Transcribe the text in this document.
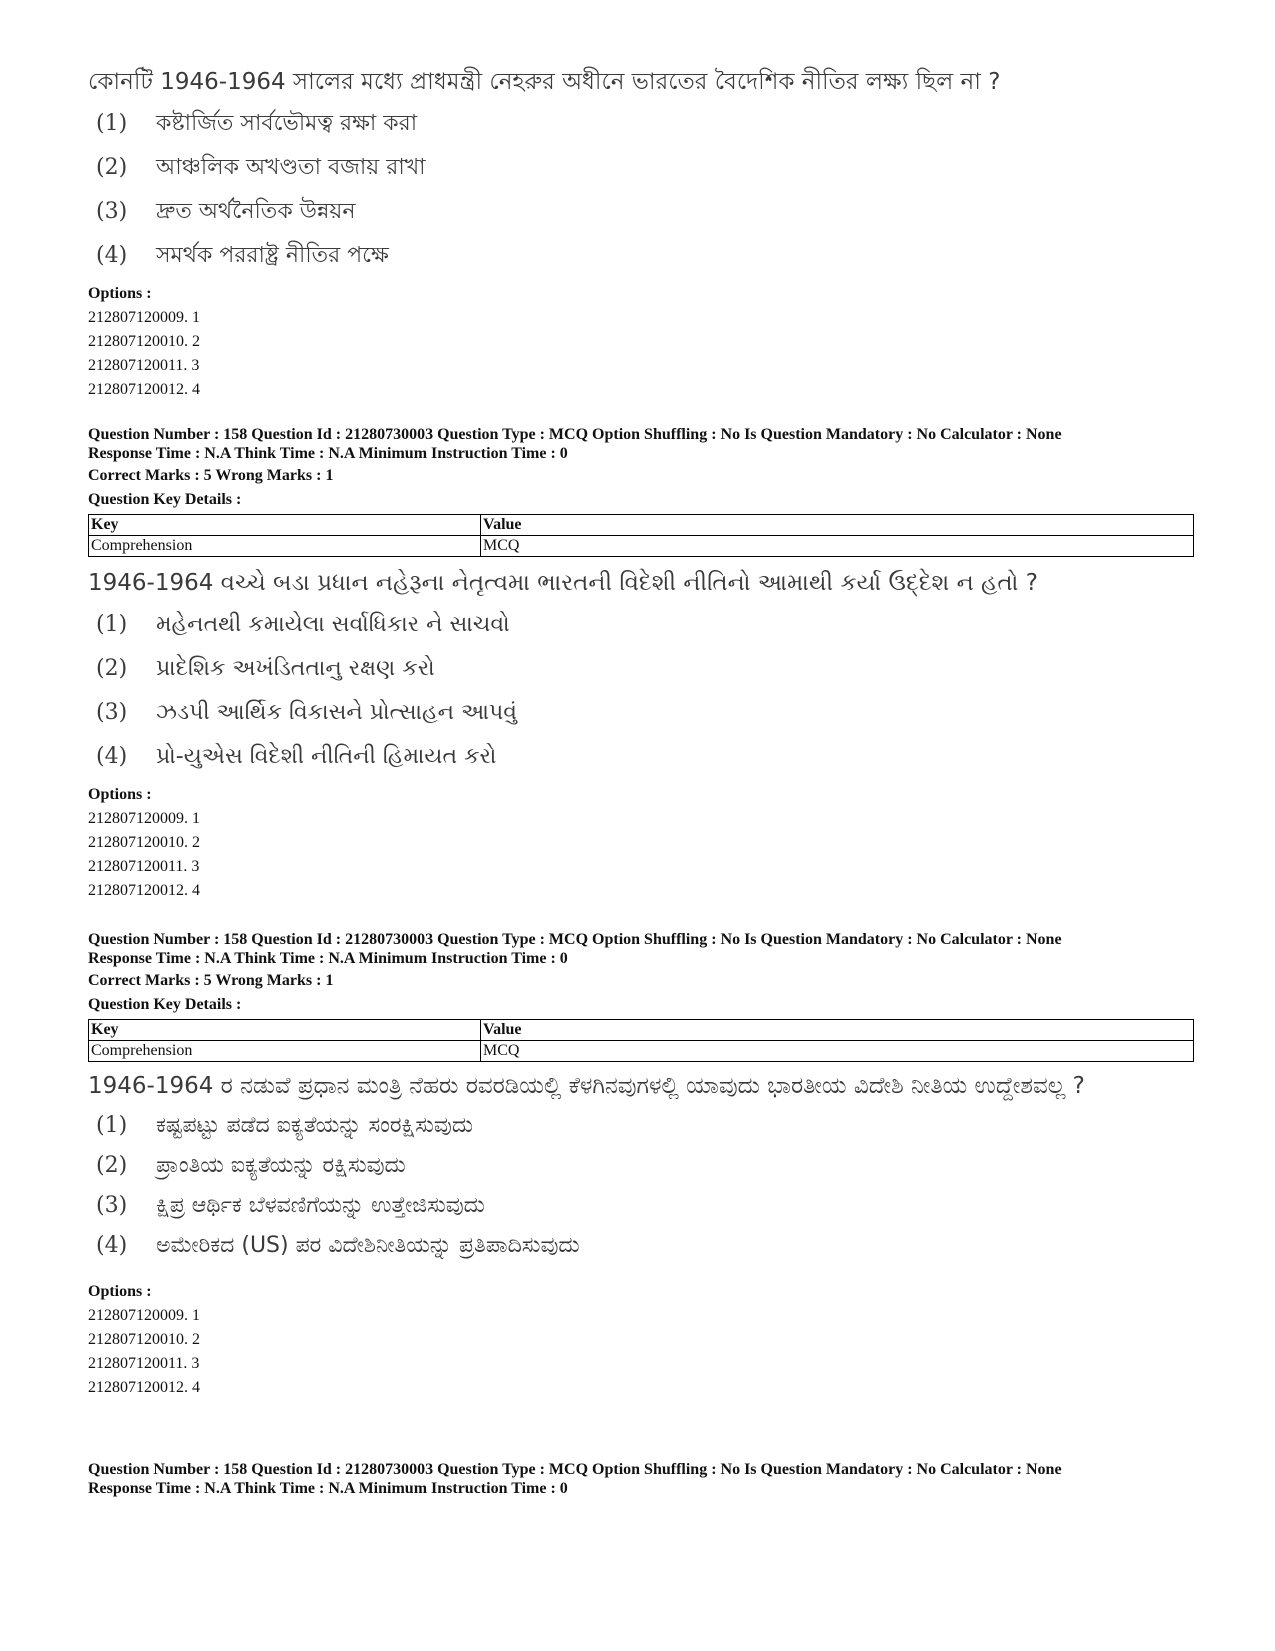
কোনটি 1946-1964 সালের মধ্যে প্রাধমন্ত্রী নেহরুর অধীনে ভারতের বৈদেশিক নীতির লক্ষ্য ছিল না ?
(1) কষ্টার্জিত সার্বভৌমত্ব রক্ষা করা
(2) আঞ্চলিক অখণ্ডতা বজায় রাখা
(3) দ্রুত অর্থনৈতিক উন্নয়ন
(4) সমর্থক পররাষ্ট্র নীতির পক্ষে
Options :
212807120009. 1
212807120010. 2
212807120011. 3
212807120012. 4
Question Number : 158 Question Id : 21280730003 Question Type : MCQ Option Shuffling : No Is Question Mandatory : No Calculator : None
Response Time : N.A Think Time : N.A Minimum Instruction Time : 0
Correct Marks : 5 Wrong Marks : 1
Question Key Details :
Key	Value
Comprehension	MCQ
1946-1964 વચ્ચે બડા પ્રધાન નહેરૂના નેતૃત્વમા ભારતની વિદેશી નીતિનો આમાથી કર્યા ઉદ્દેશ ન હતો ?
(1) મહેનતથી કમાયેલા સર્વાધિકાર ને સાચવો
(2) પ્રાદેશિક અખંડિતતાનુ રક્ષણ કરો
(3) ઝડપી આર્થિક વિકાસને પ્રોત્સાહન આપવું
(4) પ્રો-યુએસ વિદેશી નીતિની હિમાયત કરો
Options :
212807120009. 1
212807120010. 2
212807120011. 3
212807120012. 4
Question Number : 158 Question Id : 21280730003 Question Type : MCQ Option Shuffling : No Is Question Mandatory : No Calculator : None
Response Time : N.A Think Time : N.A Minimum Instruction Time : 0
Correct Marks : 5 Wrong Marks : 1
Question Key Details :
Key	Value
Comprehension	MCQ
1946-1964 ರ ನಡುವೆ ಪ್ರಧಾನ ಮಂತ್ರಿ ನೆಹರು ರವರಡಿಯಲ್ಲಿ ಕೆಳಗಿನವುಗಳಲ್ಲಿ ಯಾವುದು ಭಾರತೀಯ ವಿದೇಶಿ ನೀತಿಯ ಉದ್ದೇಶವಲ್ಲ ?
(1) ಕಷ್ಟಪಟ್ಟು ಪಡೆದ ಐಕ್ಯತೆಯನ್ನು ಸಂರಕ್ಷಿಸುವುದು
(2) ಪ್ರಾಂತಿಯ ಐಕ್ಯತೆಯನ್ನು ರಕ್ಷಿಸುವುದು
(3) ಕ್ಷಿಪ್ರ ಆರ್ಥಿಕ ಬೆಳವಣಿಗೆಯನ್ನು ಉತ್ತೇಜಿಸುವುದು
(4) ಅಮೇರಿಕದ (US) ಪರ ವಿದೇಶಿನೀತಿಯನ್ನು ಪ್ರತಿಪಾದಿಸುವುದು
Options :
212807120009. 1
212807120010. 2
212807120011. 3
212807120012. 4
Question Number : 158 Question Id : 21280730003 Question Type : MCQ Option Shuffling : No Is Question Mandatory : No Calculator : None
Response Time : N.A Think Time : N.A Minimum Instruction Time : 0
